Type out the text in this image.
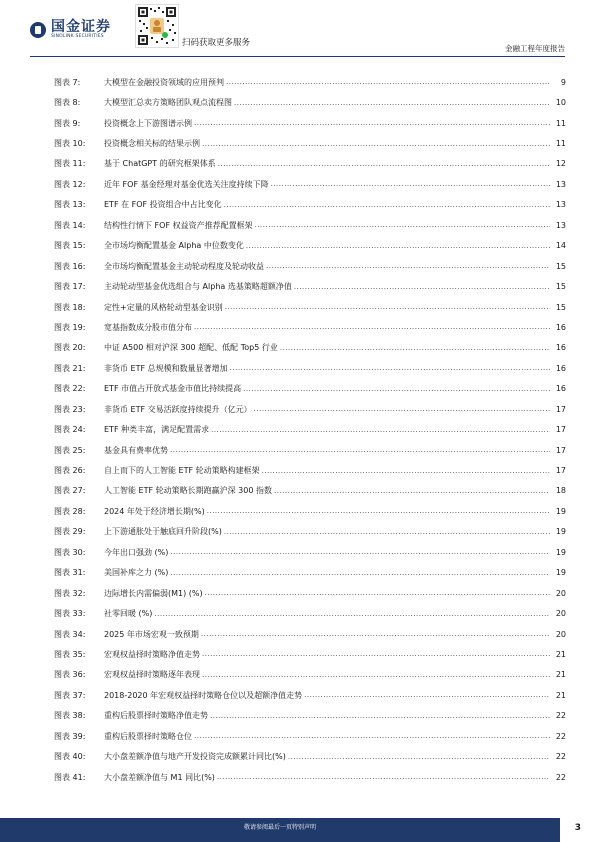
国金证券
SINOLINK SECURITIES
扫码获取更多服务
金融工程年度报告
图表 7:	大模型在金融投资领域的应用预判 .....	9
图表 8:	大模型汇总卖方策略团队观点流程图 .....	10
图表 9:	投资概念上下游图谱示例 .....	11
图表 10:	投资概念相关标的结果示例 .....	11
图表 11:	基于 ChatGPT 的研究框架体系 .....	12
图表 12:	近年 FOF 基金经理对基金优选关注度持续下降 .....	13
图表 13:	ETF 在 FOF 投资组合中占比变化 .....	13
图表 14:	结构性行情下 FOF 权益资产推荐配置框架 .....	13
图表 15:	全市场均衡配置基金 Alpha 中位数变化 .....	14
图表 16:	全市场均衡配置基金主动轮动程度及轮动收益 .....	15
图表 17:	主动轮动型基金优选组合与 Alpha 选基策略超额净值 .....	15
图表 18:	定性+定量的风格轮动型基金识别 .....	15
图表 19:	宽基指数成分股市值分布 .....	16
图表 20:	中证 A500 相对沪深 300 超配、低配 Top5 行业 .....	16
图表 21:	非货币 ETF 总规模和数量显著增加 .....	16
图表 22:	ETF 市值占开放式基金市值比持续提高 .....	16
图表 23:	非货币 ETF 交易活跃度持续提升（亿元） .....	17
图表 24:	ETF 种类丰富，满足配置需求 .....	17
图表 25:	基金具有费率优势 .....	17
图表 26:	自上而下的人工智能 ETF 轮动策略构建框架 .....	17
图表 27:	人工智能 ETF 轮动策略长期跑赢沪深 300 指数 .....	18
图表 28:	2024 年处于经济增长期(%) .....	19
图表 29:	上下游通胀处于触底回升阶段(%) .....	19
图表 30:	今年出口强劲 (%) .....	19
图表 31:	美国补库之力 (%) .....	19
图表 32:	边际增长内需偏弱(M1) (%) .....	20
图表 33:	社零回暖 (%) .....	20
图表 34:	2025 年市场宏观一致预期 .....	20
图表 35:	宏观权益择时策略净值走势 .....	21
图表 36:	宏观权益择时策略逐年表现 .....	21
图表 37:	2018-2020 年宏观权益择时策略仓位以及超额净值走势 .....	21
图表 38:	重构后股票择时策略净值走势 .....	22
图表 39:	重构后股票择时策略仓位 .....	22
图表 40:	大小盘差额净值与地产开发投资完成额累计同比(%) .....	22
图表 41:	大小盘差额净值与 M1 同比(%) .....	22
敬请参阅最后一页特别声明	3
